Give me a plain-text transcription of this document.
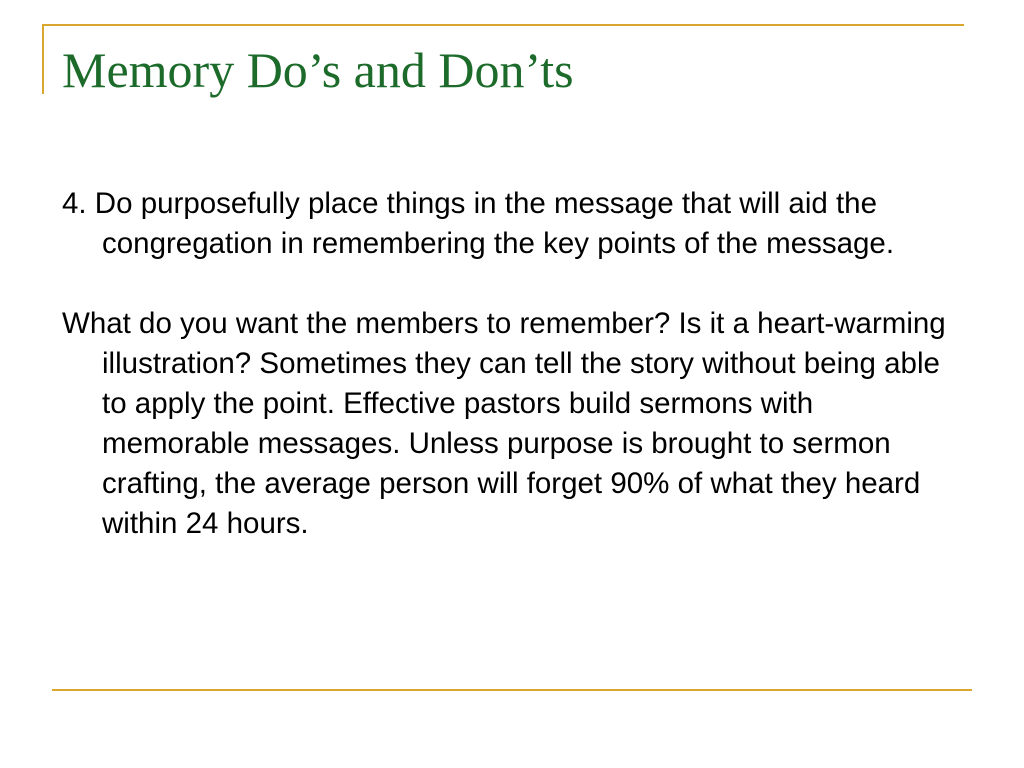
Memory Do’s and Don’ts

4. Do purposefully place things in the message that will aid the congregation in remembering the key points of the message.

What do you want the members to remember? Is it a heart-warming illustration? Sometimes they can tell the story without being able to apply the point. Effective pastors build sermons with memorable messages. Unless purpose is brought to sermon crafting, the average person will forget 90% of what they heard within 24 hours.
